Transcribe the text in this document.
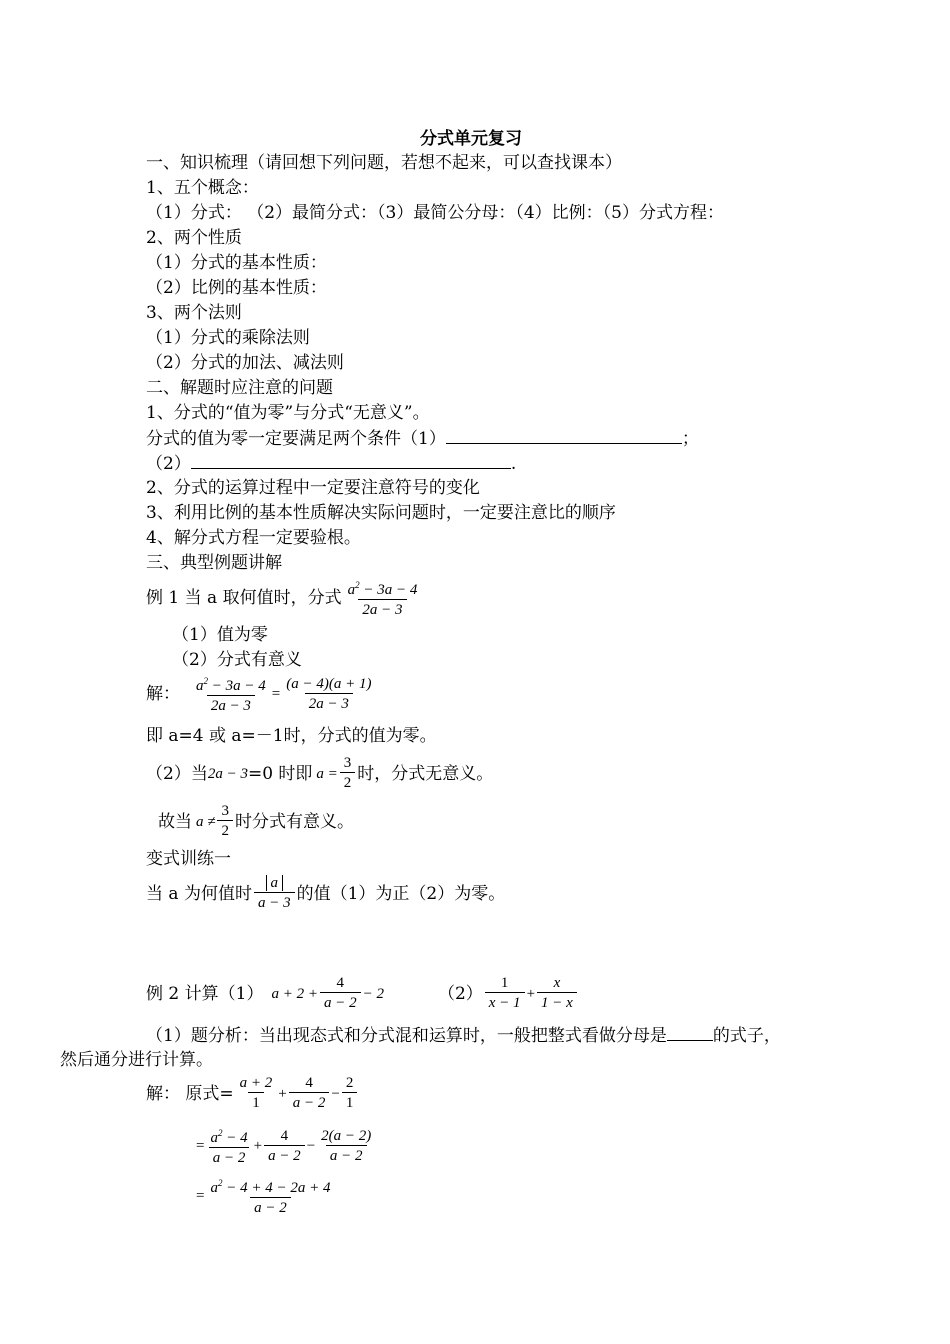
分式单元复习
一、知识梳理（请回想下列问题，若想不起来，可以查找课本）
1、五个概念：
（1）分式： （2）最简分式：（3）最简公分母：（4）比例：（5）分式方程：
2、两个性质
（1）分式的基本性质：
（2）比例的基本性质：
3、两个法则
（1）分式的乘除法则
（2）分式的加法、减法则
二、解题时应注意的问题
1、分式的“值为零”与分式“无意义”。
分式的值为零一定要满足两个条件（1）	；
（2）	.
2、分式的运算过程中一定要注意符号的变化
3、利用比例的基本性质解决实际问题时，一定要注意比的顺序
4、解分式方程一定要验根。
三、典型例题讲解
例 1 当 a 取何值时，分式 $\frac{a^2 - 3a - 4}{2a - 3}$
（1）值为零
（2）分式有意义
解： $\frac{a^2 - 3a - 4}{2a - 3} = \frac{(a - 4)(a + 1)}{2a - 3}$
即 a=4 或 a=－1时，分式的值为零。
（2）当 2a − 3 =0 时即 $a = \frac{3}{2}$ 时，分式无意义。
故当 $a \ne \frac{3}{2}$ 时分式有意义。
变式训练一
当 a 为何值时 $\frac{a}{a - 3}$ 的值（1）为正（2）为零。
例 2 计算（1） $a + 2 + \frac{4}{a - 2} - 2$	$(2) \frac{1}{x - 1} + \frac{x}{1 - x}$
（1）题分析：当出现态式和分式混和运算时，一般把整式看做分母是	的式子，
然后通分进行计算。
解： 原式= $\frac{a + 2}{1} + \frac{4}{a - 2} - \frac{2}{1}$
= $\frac{a^2 - 4}{a - 2} + \frac{4}{a - 2} - \frac{2(a - 2)}{a - 2}$
= $\frac{a^2 - 4 + 4 - 2a + 4}{a - 2}$
